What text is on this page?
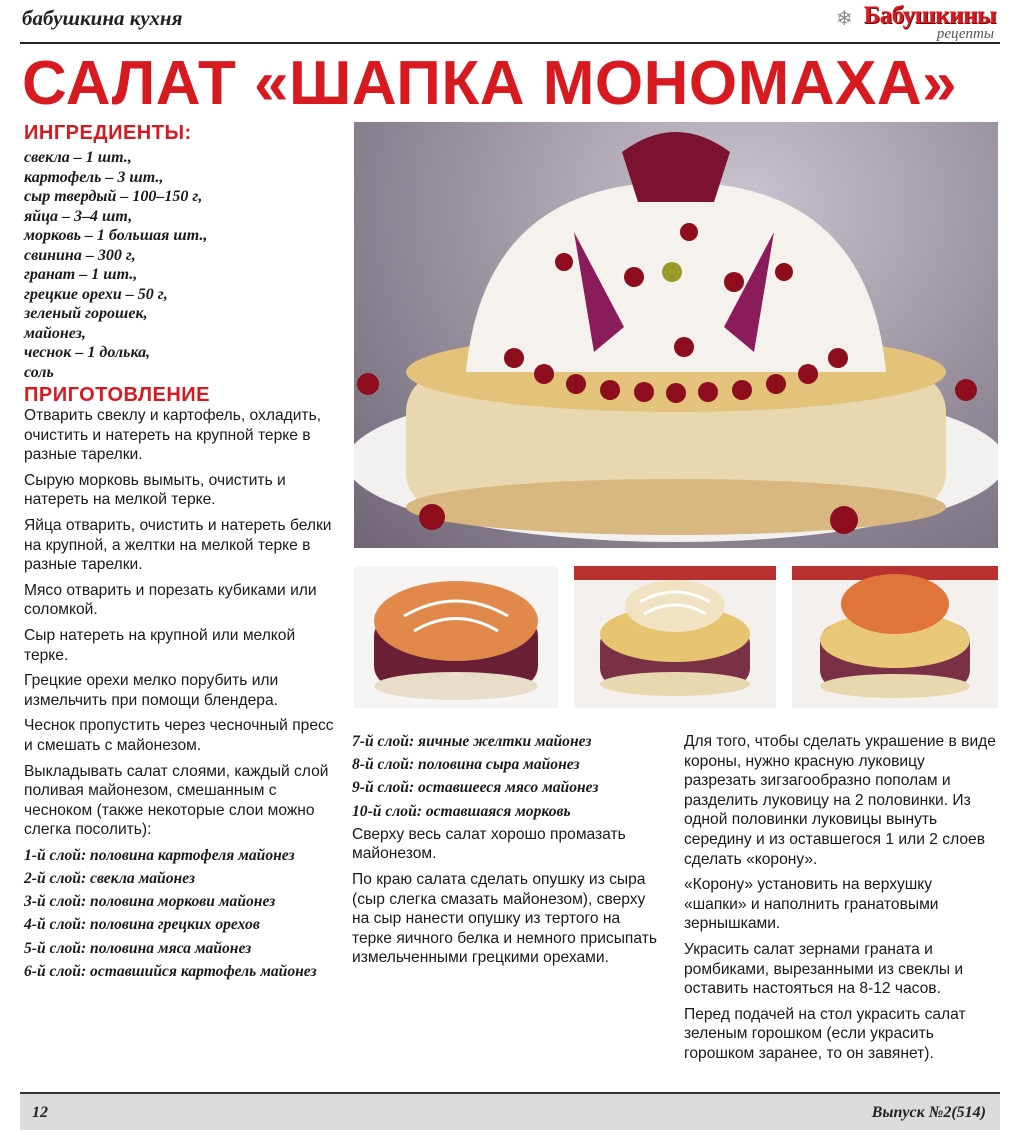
бабушкина кухня	❄ Бабушкины
рецепты
САЛАТ «ШАПКА МОНОМАХА»
ИНГРЕДИЕНТЫ:
свекла – 1 шт.,
картофель – 3 шт.,
сыр твердый – 100–150 г,
яйца – 3–4 шт,
морковь – 1 большая шт.,
свинина – 300 г,
гранат – 1 шт.,
грецкие орехи – 50 г,
зеленый горошек,
майонез,
чеснок – 1 долька,
соль
ПРИГОТОВЛЕНИЕ

Отварить свеклу и картофель, охладить, очистить и натереть на крупной терке в разные тарелки.

Сырую морковь вымыть, очистить и натереть на мелкой терке.

Яйца отварить, очистить и натереть белки на крупной, а желтки на мелкой терке в разные тарелки.

Мясо отварить и порезать кубиками или соломкой.

Сыр натереть на крупной или мелкой терке.

Грецкие орехи мелко порубить или измельчить при помощи блендера.

Чеснок пропустить через чесночный пресс и смешать с майонезом.

Выкладывать салат слоями, каждый слой поливая майонезом, смешанным с чесноком (также некоторые слои можно слегка посолить):

1-й слой: половина картофеля майонез

2-й слой: свекла майонез

3-й слой: половина моркови майонез

4-й слой: половина грецких орехов

5-й слой: половина мяса майонез

6-й слой: оставшийся картофель майонез

7-й слой: яичные желтки майонез

8-й слой: половина сыра майонез

9-й слой: оставшееся мясо майонез

10-й слой: оставшаяся морковь

Сверху весь салат хорошо промазать майонезом.

По краю салата сделать опушку из сыра (сыр слегка смазать майонезом), сверху на сыр нанести опушку из тертого на терке яичного белка и немного присыпать измельченными грецкими орехами.

Для того, чтобы сделать украшение в виде короны, нужно красную луковицу разрезать зигзагообразно пополам и разделить луковицу на 2 половинки. Из одной половинки луковицы вынуть середину и из оставшегося 1 или 2 слоев сделать «корону».

«Корону» установить на верхушку «шапки» и наполнить гранатовыми зернышками.

Украсить салат зернами граната и ромбиками, вырезанными из свеклы и оставить настояться на 8-12 часов.

Перед подачей на стол украсить салат зеленым горошком (если украсить горошком заранее, то он завянет).

12	Выпуск №2(514)
